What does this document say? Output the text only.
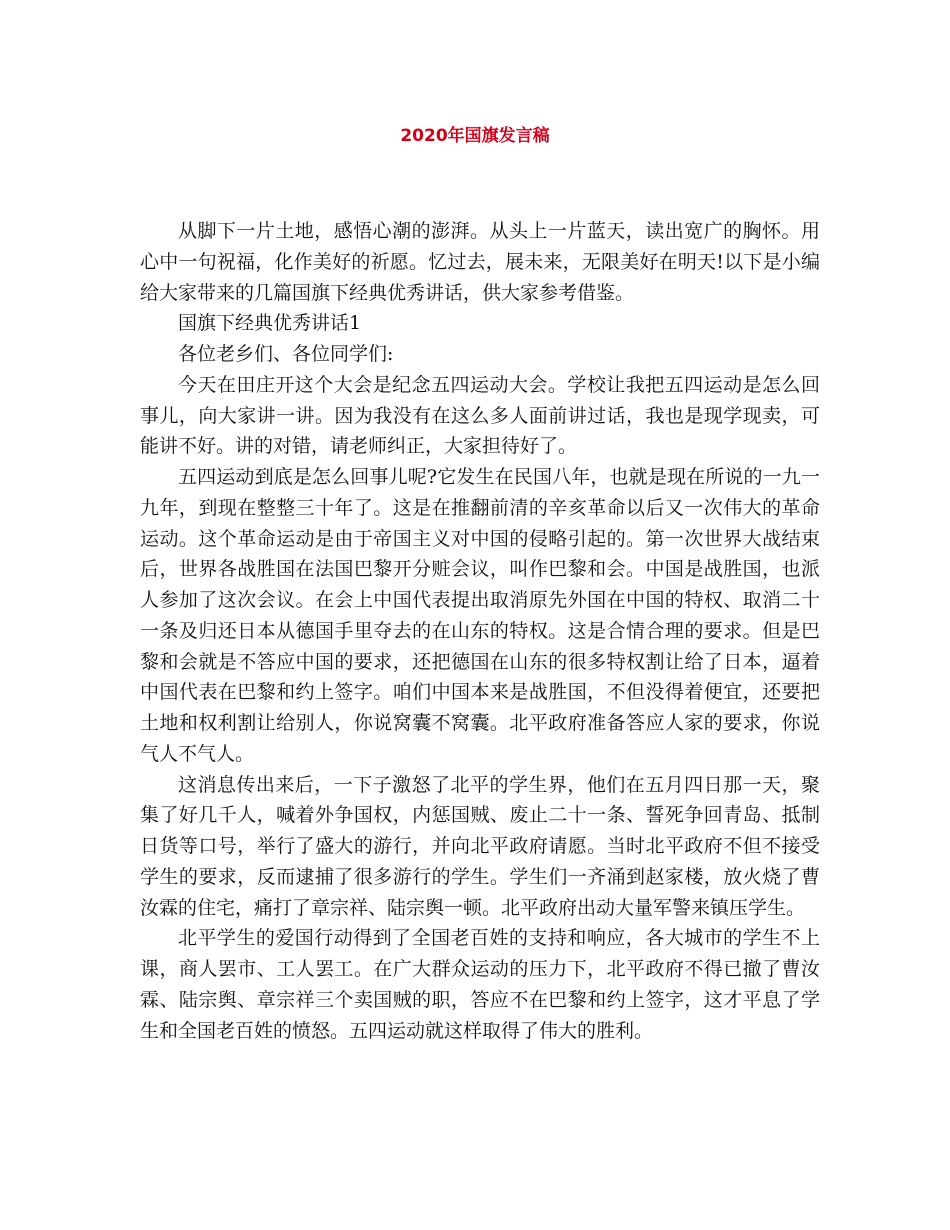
2020年国旗发言稿

从脚下一片土地，感悟心潮的澎湃。从头上一片蓝天，读出宽广的胸怀。用心中一句祝福，化作美好的祈愿。忆过去，展未来，无限美好在明天!以下是小编给大家带来的几篇国旗下经典优秀讲话，供大家参考借鉴。

国旗下经典优秀讲话1

各位老乡们、各位同学们:

今天在田庄开这个大会是纪念五四运动大会。学校让我把五四运动是怎么回事儿，向大家讲一讲。因为我没有在这么多人面前讲过话，我也是现学现卖，可能讲不好。讲的对错，请老师纠正，大家担待好了。

五四运动到底是怎么回事儿呢?它发生在民国八年，也就是现在所说的一九一九年，到现在整整三十年了。这是在推翻前清的辛亥革命以后又一次伟大的革命运动。这个革命运动是由于帝国主义对中国的侵略引起的。第一次世界大战结束后，世界各战胜国在法国巴黎开分赃会议，叫作巴黎和会。中国是战胜国，也派人参加了这次会议。在会上中国代表提出取消原先外国在中国的特权、取消二十一条及归还日本从德国手里夺去的在山东的特权。这是合情合理的要求。但是巴黎和会就是不答应中国的要求，还把德国在山东的很多特权割让给了日本，逼着中国代表在巴黎和约上签字。咱们中国本来是战胜国，不但没得着便宜，还要把土地和权利割让给别人，你说窝囊不窝囊。北平政府准备答应人家的要求，你说气人不气人。

这消息传出来后，一下子激怒了北平的学生界，他们在五月四日那一天，聚集了好几千人，喊着外争国权，内惩国贼、废止二十一条、誓死争回青岛、抵制日货等口号，举行了盛大的游行，并向北平政府请愿。当时北平政府不但不接受学生的要求，反而逮捕了很多游行的学生。学生们一齐涌到赵家楼，放火烧了曹汝霖的住宅，痛打了章宗祥、陆宗舆一顿。北平政府出动大量军警来镇压学生。

北平学生的爱国行动得到了全国老百姓的支持和响应，各大城市的学生不上课，商人罢市、工人罢工。在广大群众运动的压力下，北平政府不得已撤了曹汝霖、陆宗舆、章宗祥三个卖国贼的职，答应不在巴黎和约上签字，这才平息了学生和全国老百姓的愤怒。五四运动就这样取得了伟大的胜利。
